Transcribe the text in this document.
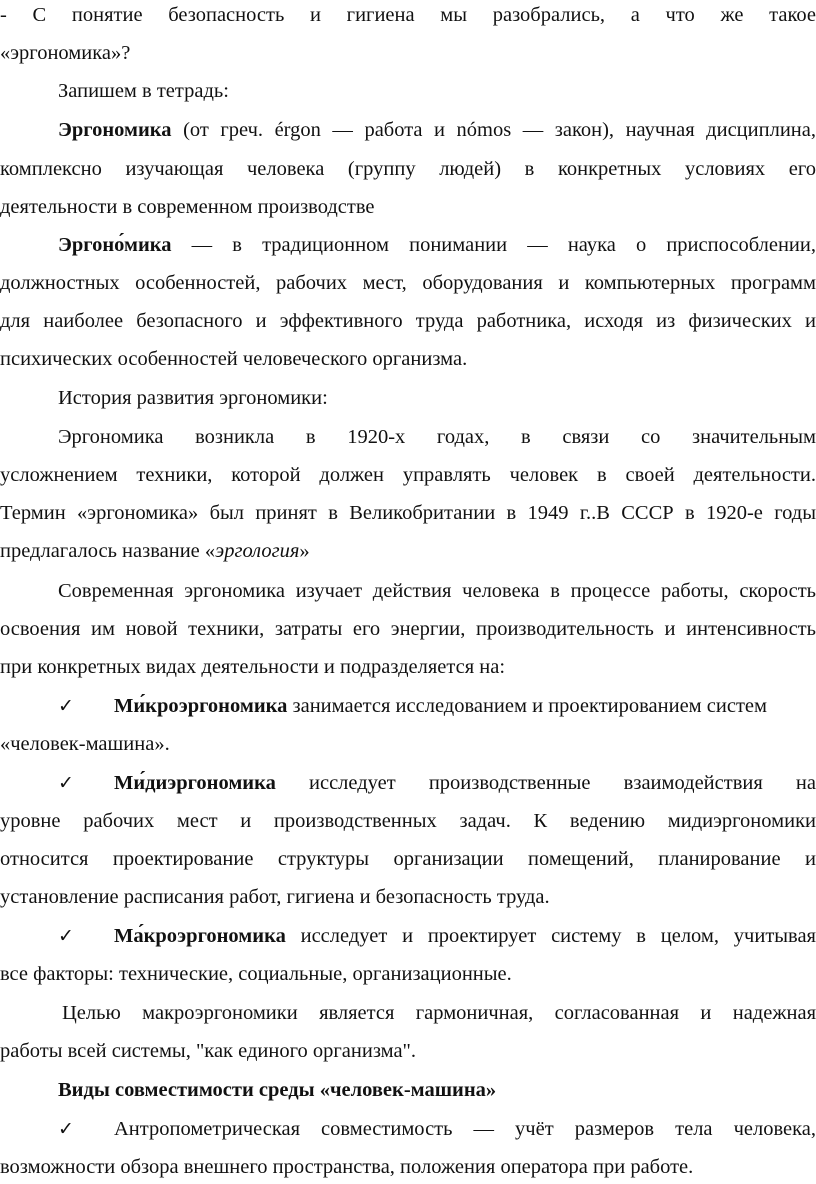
- С понятие безопасность и гигиена мы разобрались, а что же такое
«эргономика»?
Запишем в тетрадь:
Эргономика (от греч. érgon — работа и nómos — закон), научная дисциплина,
комплексно изучающая человека (группу людей) в конкретных условиях его
деятельности в современном производстве
Эргоно́мика — в традиционном понимании — наука о приспособлении,
должностных особенностей, рабочих мест, оборудования и компьютерных программ
для наиболее безопасного и эффективного труда работника, исходя из физических и
психических особенностей человеческого организма.
История развития эргономики:
Эргономика возникла в 1920-х годах, в связи со значительным
усложнением техники, которой должен управлять человек в своей деятельности.
Термин «эргономика» был принят в Великобритании в 1949 г..В СССР в 1920-е годы
предлагалось название «эргология»
Современная эргономика изучает действия человека в процессе работы, скорость
освоения им новой техники, затраты его энергии, производительность и интенсивность
при конкретных видах деятельности и подразделяется на:
✓ Ми́кроэргономика занимается исследованием и проектированием систем
«человек-машина».
✓ Ми́диэргономика исследует производственные взаимодействия на
уровне рабочих мест и производственных задач. К ведению мидиэргономики
относится проектирование структуры организации помещений, планирование и
установление расписания работ, гигиена и безопасность труда.
✓ Ма́кроэргономика исследует и проектирует систему в целом, учитывая
все факторы: технические, социальные, организационные.
Целью макроэргономики является гармоничная, согласованная и надежная
работы всей системы, "как единого организма".
Виды совместимости среды «человек-машина»
✓ Антропометрическая совместимость — учёт размеров тела человека,
возможности обзора внешнего пространства, положения оператора при работе.
